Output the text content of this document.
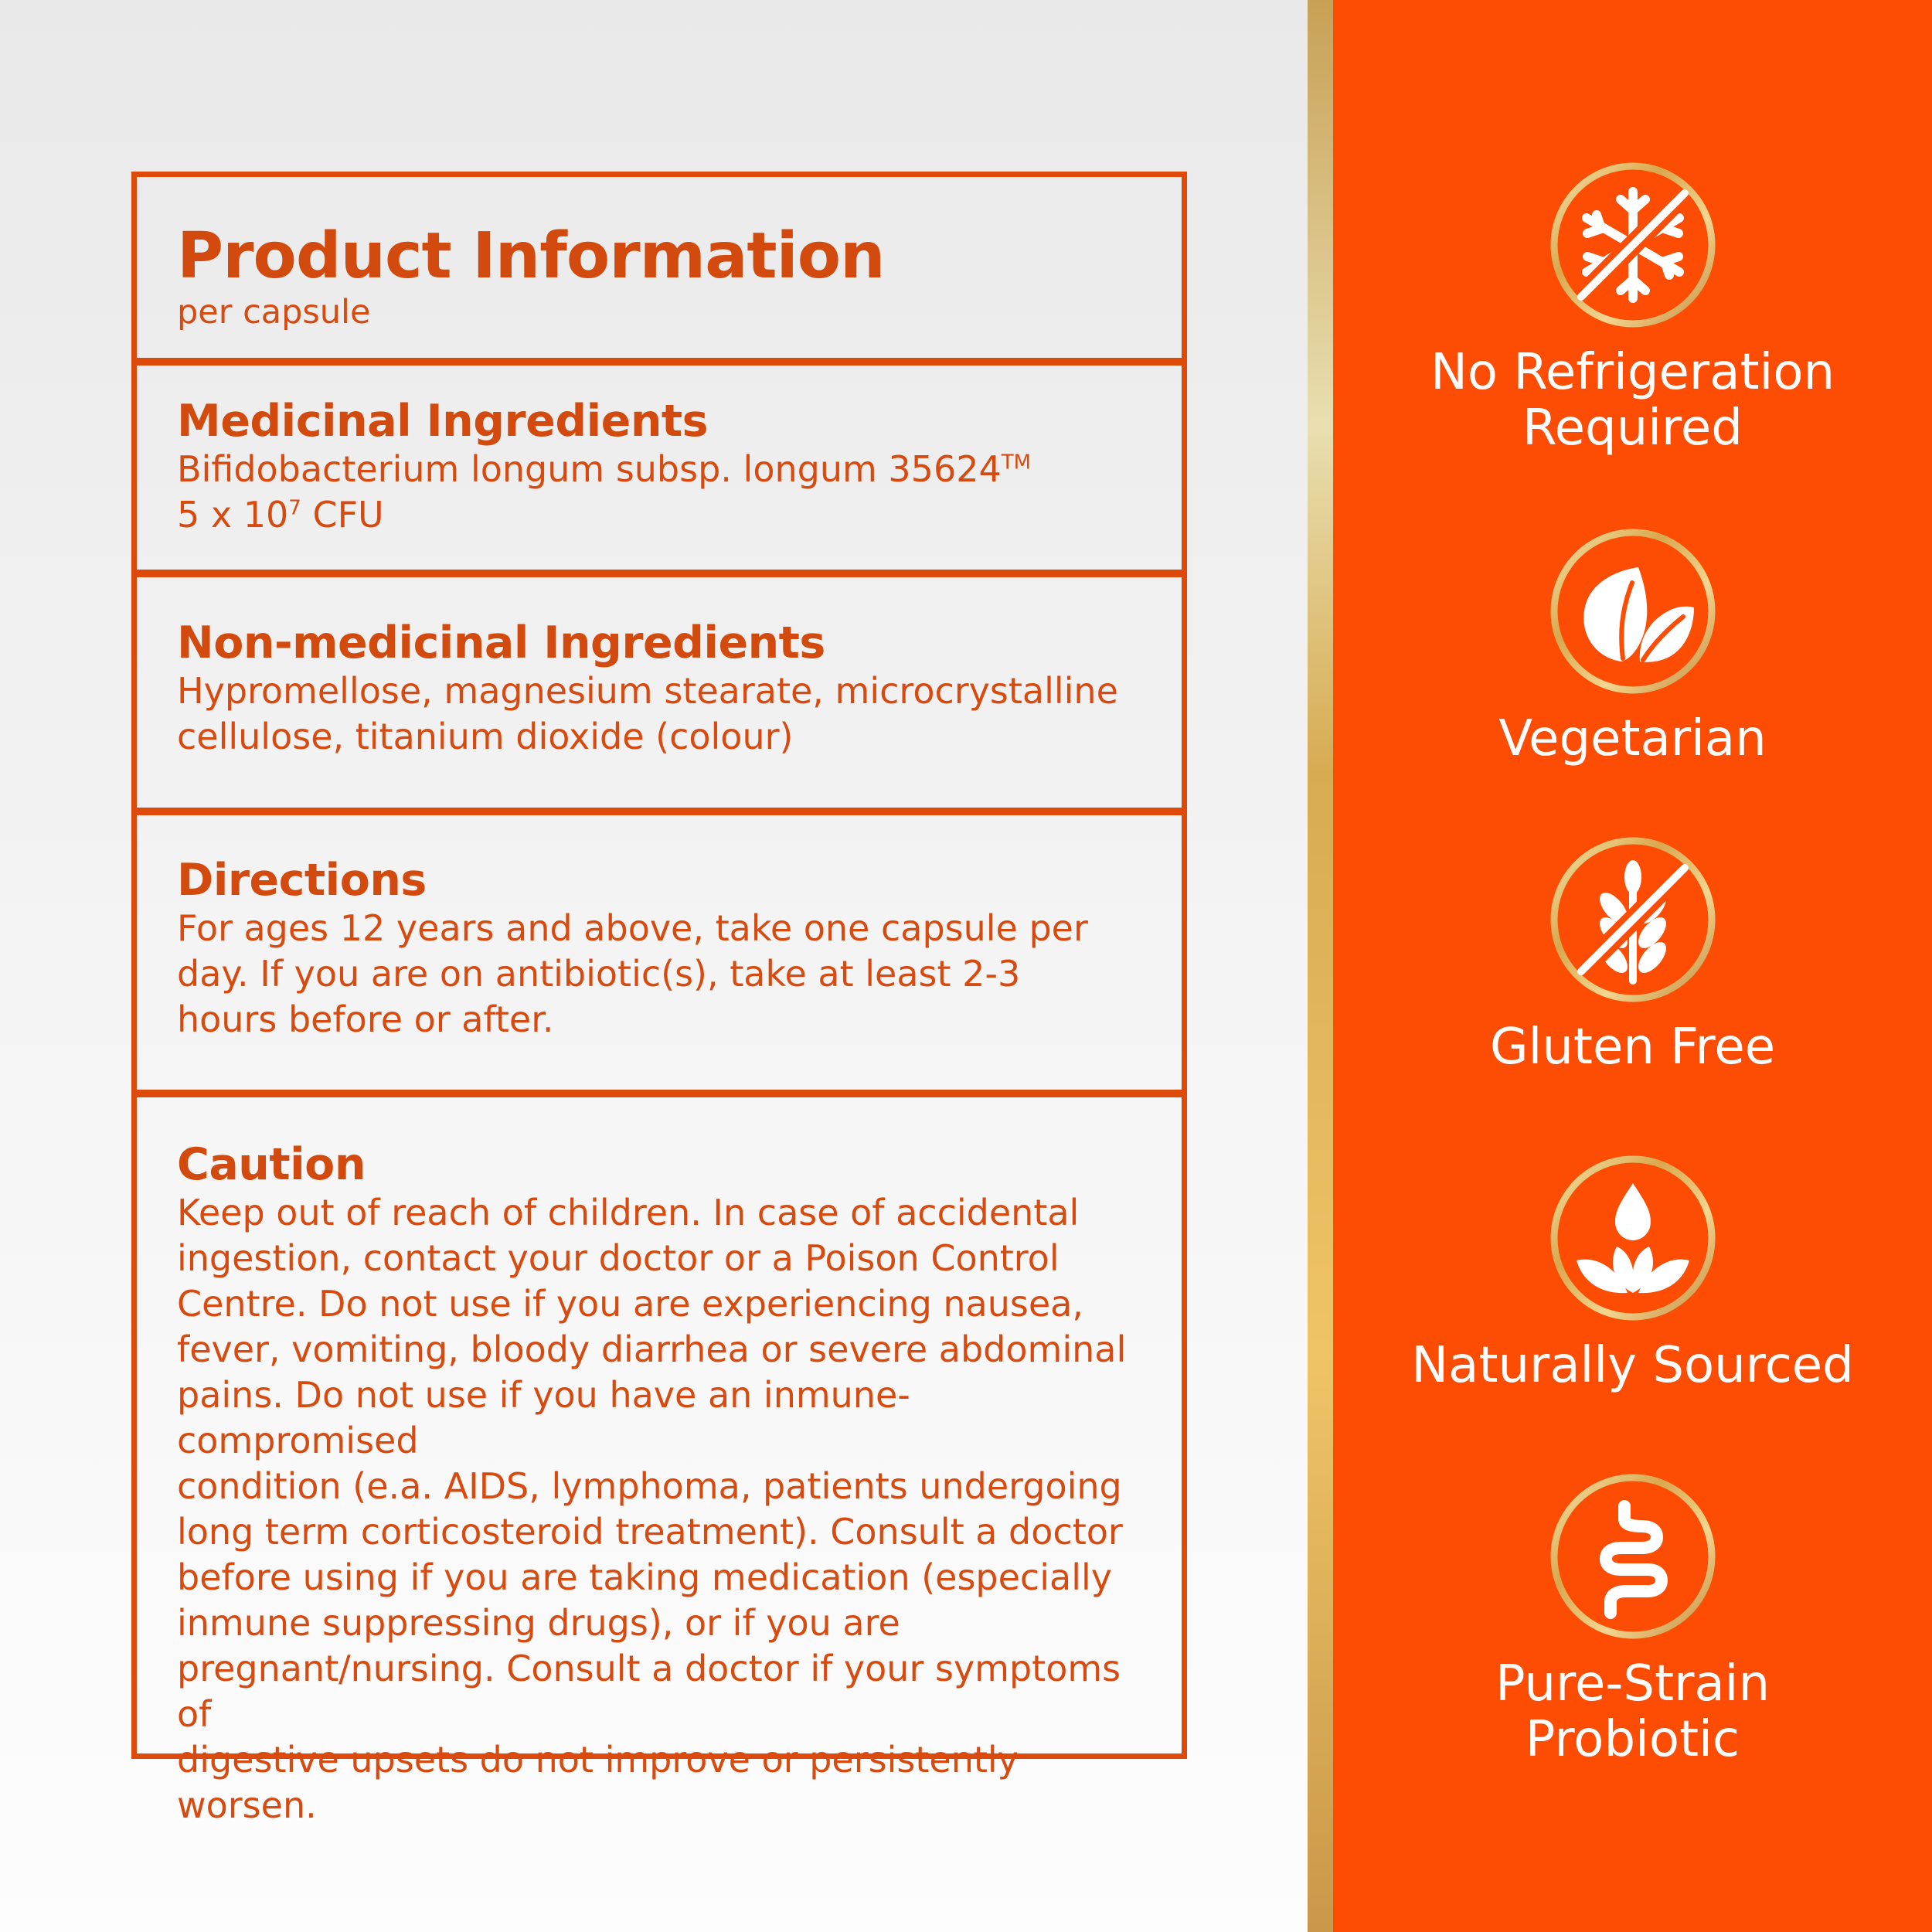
Product Information

per capsule

Medicinal Ingredients

Bifidobacterium longum subsp. longum 35624™

5 x $10^7$ CFU

Non-medicinal Ingredients

Hypromellose, magnesium stearate, microcrystalline

cellulose, titanium dioxide (colour)

Directions

For ages 12 years and above, take one capsule per

day. If you are on antibiotic(s), take at least 2-3

hours before or after.

Caution

Keep out of reach of children. In case of accidental

ingestion, contact your doctor or a Poison Control

Centre. Do not use if you are experiencing nausea,

fever, vomiting, bloody diarrhea or severe abdominal

pains. Do not use if you have an inmune-compromised

condition (e.a. AIDS, lymphoma, patients undergoing

long term corticosteroid treatment). Consult a doctor

before using if you are taking medication (especially

inmune suppressing drugs), or if you are

pregnant/nursing. Consult a doctor if your symptoms of

digestive upsets do not improve or persistently worsen.

No Refrigeration
Required
Vegetarian
Gluten Free
Naturally Sourced
Pure-Strain
Probiotic
